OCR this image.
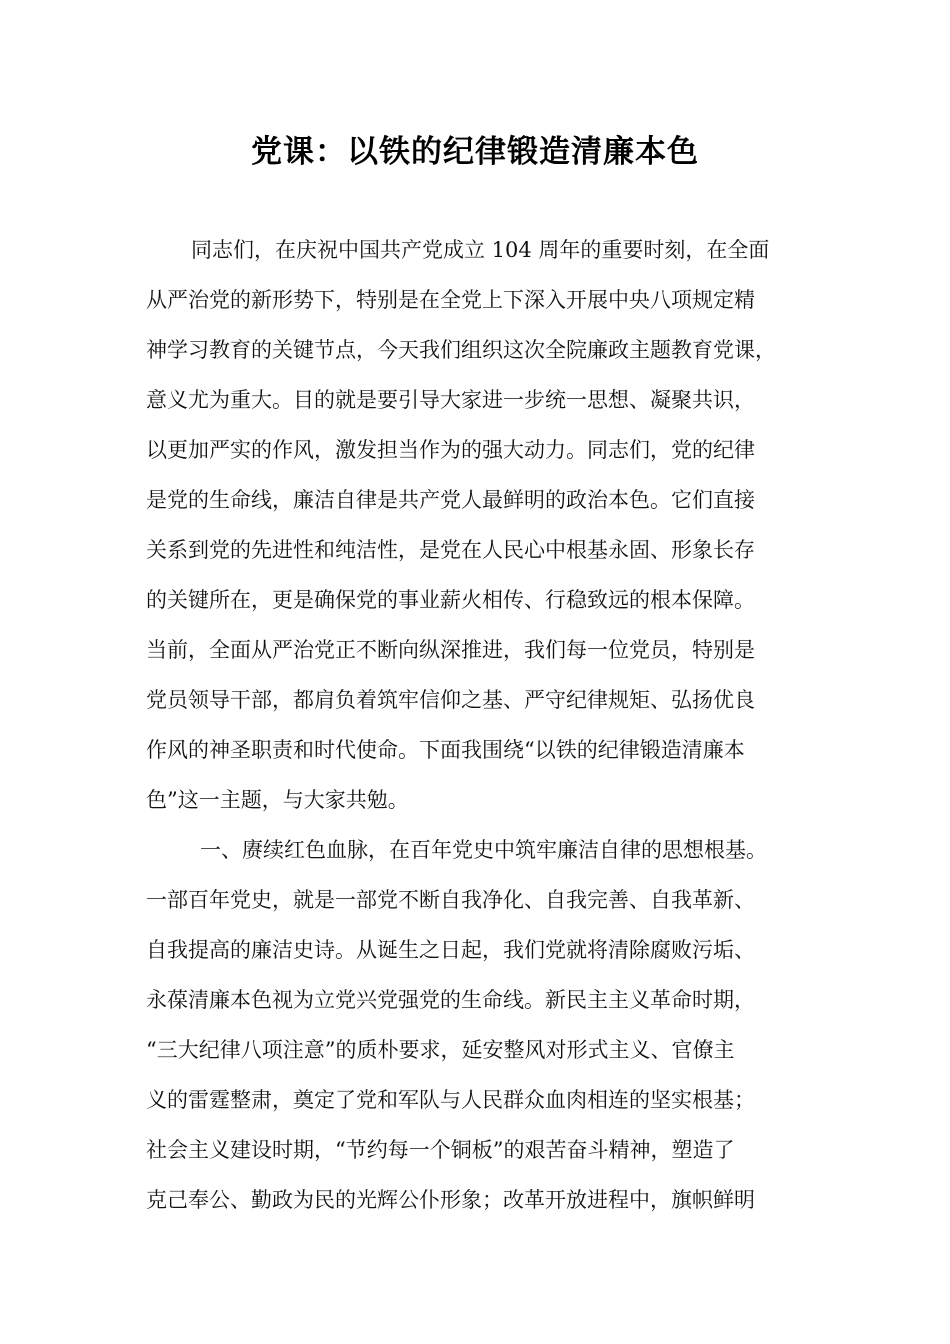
党课：以铁的纪律锻造清廉本色
同志们，在庆祝中国共产党成立 104 周年的重要时刻，在全面
从严治党的新形势下，特别是在全党上下深入开展中央八项规定精
神学习教育的关键节点，今天我们组织这次全院廉政主题教育党课，
意义尤为重大。目的就是要引导大家进一步统一思想、凝聚共识，
以更加严实的作风，激发担当作为的强大动力。同志们，党的纪律
是党的生命线，廉洁自律是共产党人最鲜明的政治本色。它们直接
关系到党的先进性和纯洁性，是党在人民心中根基永固、形象长存
的关键所在，更是确保党的事业薪火相传、行稳致远的根本保障。
当前，全面从严治党正不断向纵深推进，我们每一位党员，特别是
党员领导干部，都肩负着筑牢信仰之基、严守纪律规矩、弘扬优良
作风的神圣职责和时代使命。下面我围绕“以铁的纪律锻造清廉本
色”这一主题，与大家共勉。
一、赓续红色血脉，在百年党史中筑牢廉洁自律的思想根基。
一部百年党史，就是一部党不断自我净化、自我完善、自我革新、
自我提高的廉洁史诗。从诞生之日起，我们党就将清除腐败污垢、
永葆清廉本色视为立党兴党强党的生命线。新民主主义革命时期，
“三大纪律八项注意”的质朴要求，延安整风对形式主义、官僚主
义的雷霆整肃，奠定了党和军队与人民群众血肉相连的坚实根基；
社会主义建设时期，“节约每一个铜板”的艰苦奋斗精神，塑造了
克己奉公、勤政为民的光辉公仆形象；改革开放进程中，旗帜鲜明
